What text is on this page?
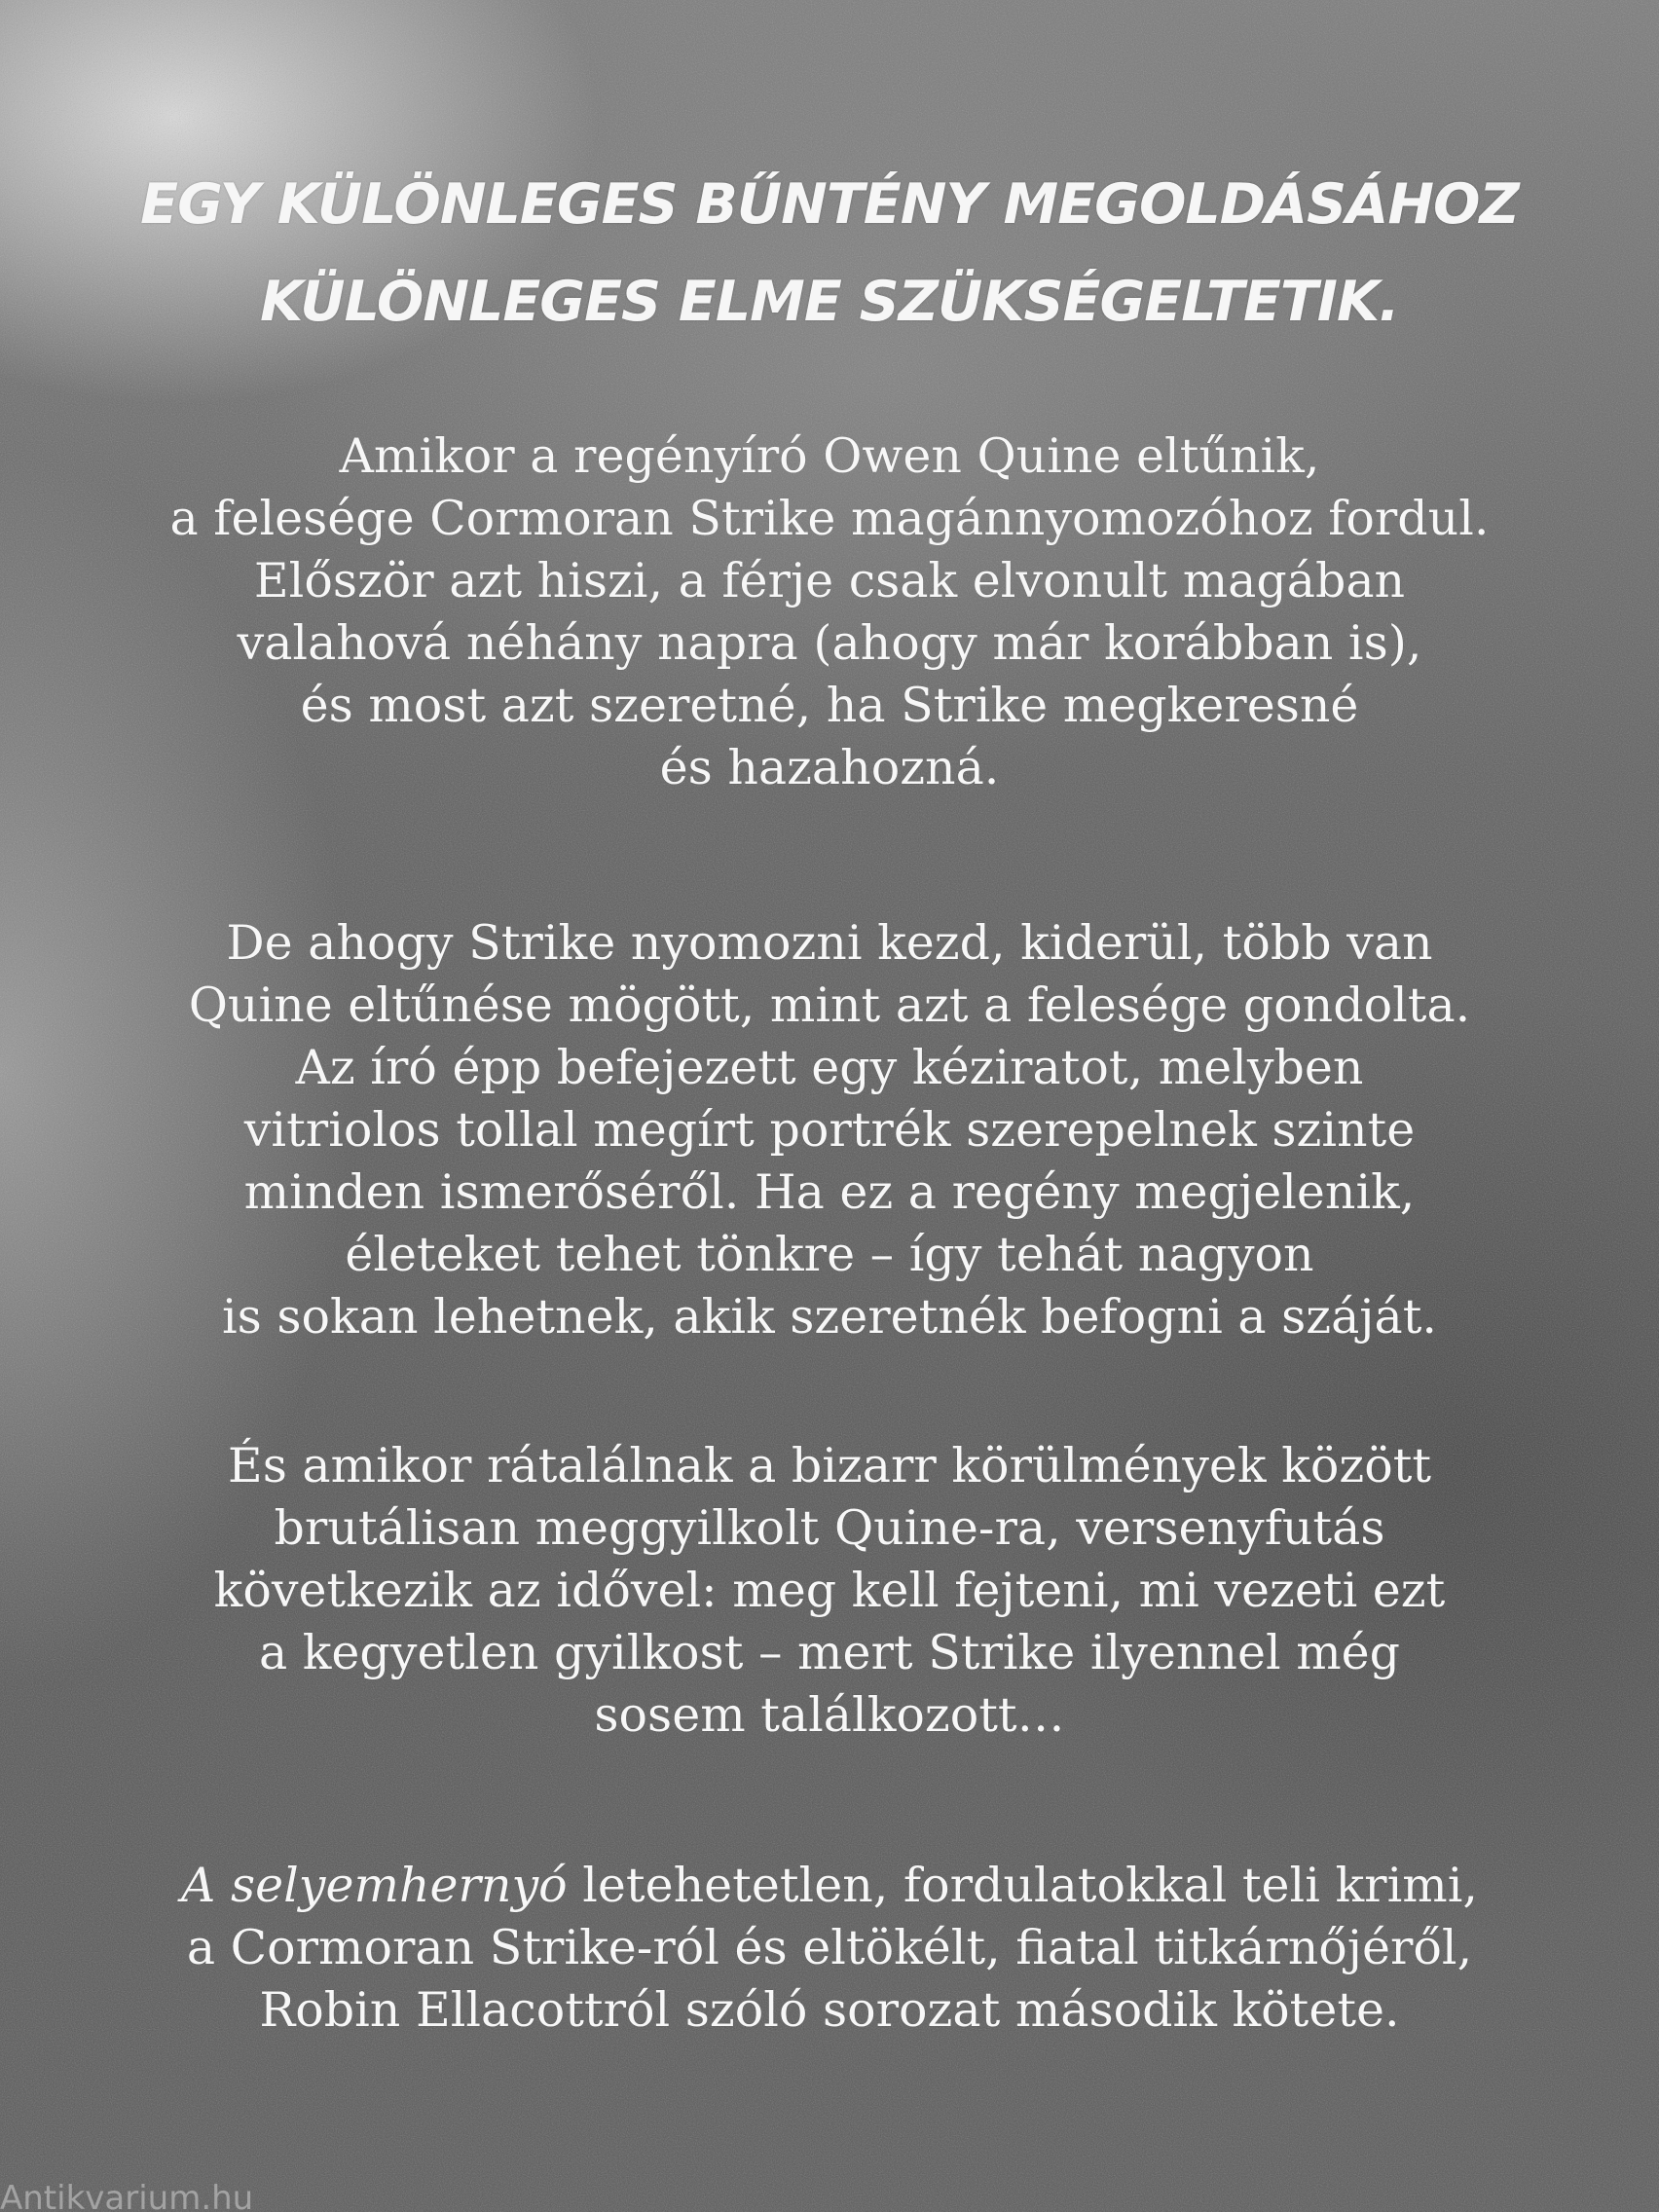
EGY KÜLÖNLEGES BŰNTÉNY MEGOLDÁSÁHOZ
KÜLÖNLEGES ELME SZÜKSÉGELTETIK.
Amikor a regényíró Owen Quine eltűnik,
a felesége Cormoran Strike magánnyomozóhoz fordul.
Először azt hiszi, a férje csak elvonult magában
valahová néhány napra (ahogy már korábban is),
és most azt szeretné, ha Strike megkeresné
és hazahozná.
De ahogy Strike nyomozni kezd, kiderül, több van
Quine eltűnése mögött, mint azt a felesége gondolta.
Az író épp befejezett egy kéziratot, melyben
vitriolos tollal megírt portrék szerepelnek szinte
minden ismerőséről. Ha ez a regény megjelenik,
életeket tehet tönkre – így tehát nagyon
is sokan lehetnek, akik szeretnék befogni a száját.
És amikor rátalálnak a bizarr körülmények között
brutálisan meggyilkolt Quine-ra, versenyfutás
következik az idővel: meg kell fejteni, mi vezeti ezt
a kegyetlen gyilkost – mert Strike ilyennel még
sosem találkozott…
A selyemhernyó letehetetlen, fordulatokkal teli krimi,
a Cormoran Strike-ról és eltökélt, fiatal titkárnőjéről,
Robin Ellacottról szóló sorozat második kötete.
Antikvarium.hu
